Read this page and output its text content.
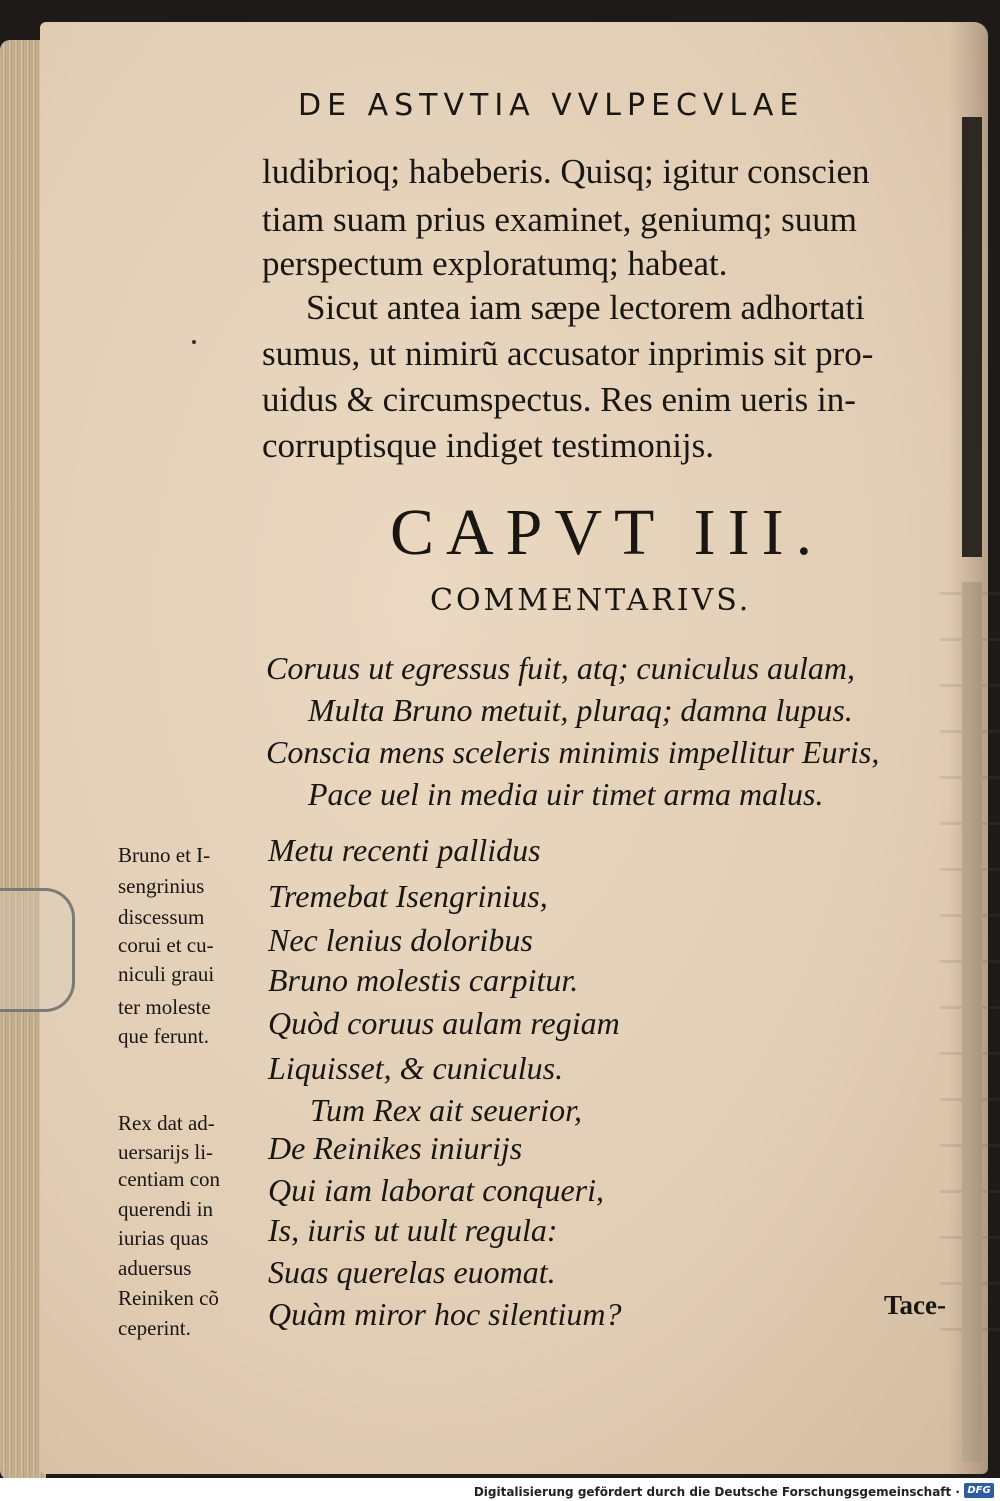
DE ASTVTIA VVLPECVLAE
ludibrioq; habeberis. Quisq; igitur conscien
tiam suam prius examinet, geniumq; suum
perspectum exploratumq; habeat.
Sicut antea iam sæpe lectorem adhortati
sumus, ut nimirũ accusator inprimis sit pro-
uidus & circumspectus. Res enim ueris in-
corruptisque indiget testimonijs.
CAPVT III.
COMMENTARIVS.
Coruus ut egressus fuit, atq; cuniculus aulam,
Multa Bruno metuit, pluraq; damna lupus.
Conscia mens sceleris minimis impellitur Euris,
Pace uel in media uir timet arma malus.
Metu recenti pallidus
Tremebat Isengrinius,
Nec lenius doloribus
Bruno molestis carpitur.
Quòd coruus aulam regiam
Liquisset, & cuniculus.
Tum Rex ait seuerior,
De Reinikes iniurijs
Qui iam laborat conqueri,
Is, iuris ut uult regula:
Suas querelas euomat.
Quàm miror hoc silentium?
Bruno et I-
sengrinius
discessum
corui et cu-
niculi graui
ter moleste
que ferunt.
Rex dat ad-
uersarijs li-
centiam con
querendi in
iurias quas
aduersus
Reiniken cõ
ceperint.
Tace-
Digitalisierung gefördert durch die Deutsche Forschungsgemeinschaft · DFG
